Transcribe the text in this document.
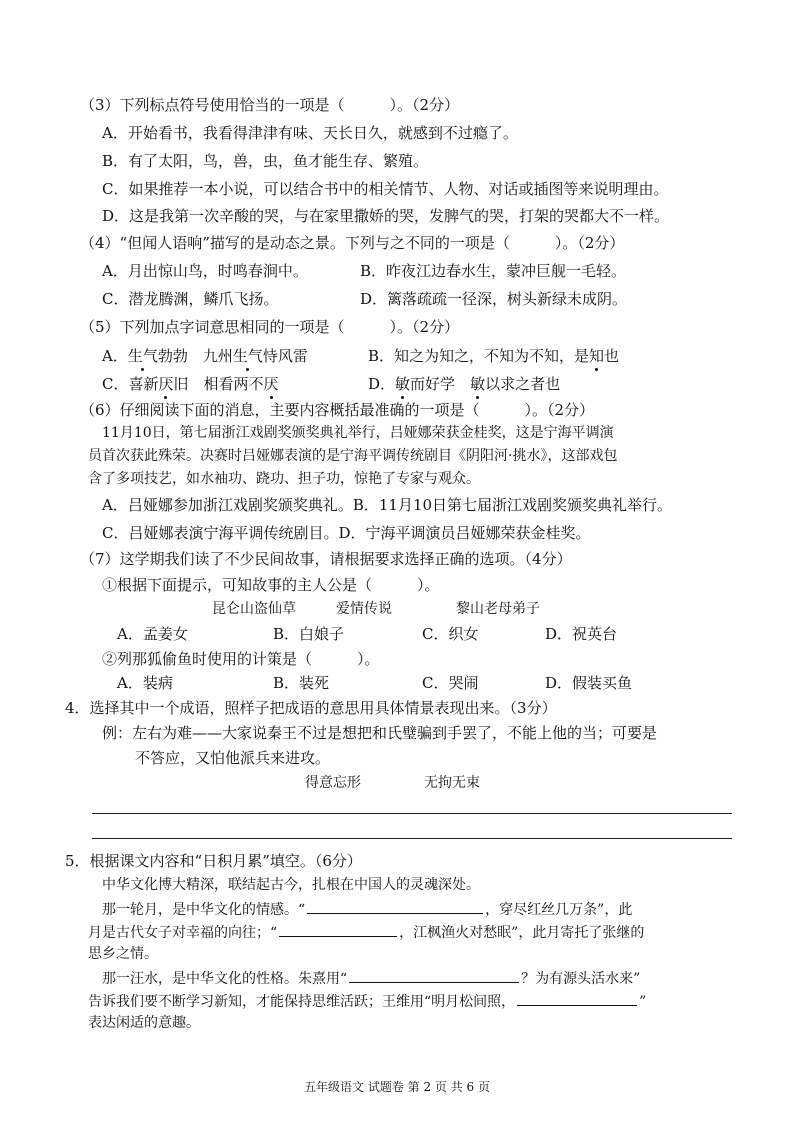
（3）下列标点符号使用恰当的一项是（　　　）。（2分）
A．开始看书，我看得津津有味、天长日久，就感到不过瘾了。
B．有了太阳，鸟，兽，虫，鱼才能生存、繁殖。
C．如果推荐一本小说，可以结合书中的相关情节、人物、对话或插图等来说明理由。
D．这是我第一次辛酸的哭，与在家里撒娇的哭，发脾气的哭，打架的哭都大不一样。
（4）“但闻人语响”描写的是动态之景。下列与之不同的一项是（　　　）。（2分）
A．月出惊山鸟，时鸣春涧中。	B．昨夜江边春水生，蒙冲巨舰一毛轻。
C．潜龙腾渊，鳞爪飞扬。	D．篱落疏疏一径深，树头新绿未成阴。
（5）下列加点字词意思相同的一项是（　　　）。（2分）
A．生气勃勃　九州生气恃风雷	B．知之为知之，不知为不知，是知也
C．喜新厌旧　相看两不厌	D．敏而好学　敏以求之者也
（6）仔细阅读下面的消息，主要内容概括最准确的一项是（　　　）。（2分）
11月10日，第七届浙江戏剧奖颁奖典礼举行，吕娅娜荣获金桂奖，这是宁海平调演
员首次获此殊荣。决赛时吕娅娜表演的是宁海平调传统剧目《阴阳河·挑水》，这部戏包
含了多项技艺，如水袖功、跷功、担子功，惊艳了专家与观众。
A．吕娅娜参加浙江戏剧奖颁奖典礼。B．11月10日第七届浙江戏剧奖颁奖典礼举行。
C．吕娅娜表演宁海平调传统剧目。D．宁海平调演员吕娅娜荣获金桂奖。
（7）这学期我们读了不少民间故事，请根据要求选择正确的选项。（4分）
①根据下面提示，可知故事的主人公是（　　　）。
昆仑山盗仙草	爱情传说	黎山老母弟子
A．孟姜女	B．白娘子	C．织女	D．祝英台
②列那狐偷鱼时使用的计策是（　　　）。
A．装病	B．装死	C．哭闹	D．假装买鱼
4．选择其中一个成语，照样子把成语的意思用具体情景表现出来。（3分）
例：左右为难——大家说秦王不过是想把和氏璧骗到手罢了，不能上他的当；可要是
不答应，又怕他派兵来进攻。
得意忘形	无拘无束
5．根据课文内容和“日积月累”填空。（6分）
中华文化博大精深，联结起古今，扎根在中国人的灵魂深处。
那一轮月，是中华文化的情感。“	，穿尽红丝几万条”，此
月是古代女子对幸福的向往；“	，江枫渔火对愁眠”，此月寄托了张继的
思乡之情。
那一汪水，是中华文化的性格。朱熹用“	？为有源头活水来”
告诉我们要不断学习新知，才能保持思维活跃；王维用“明月松间照，	”
表达闲适的意趣。
五年级语文 试题卷 第 2 页 共 6 页
